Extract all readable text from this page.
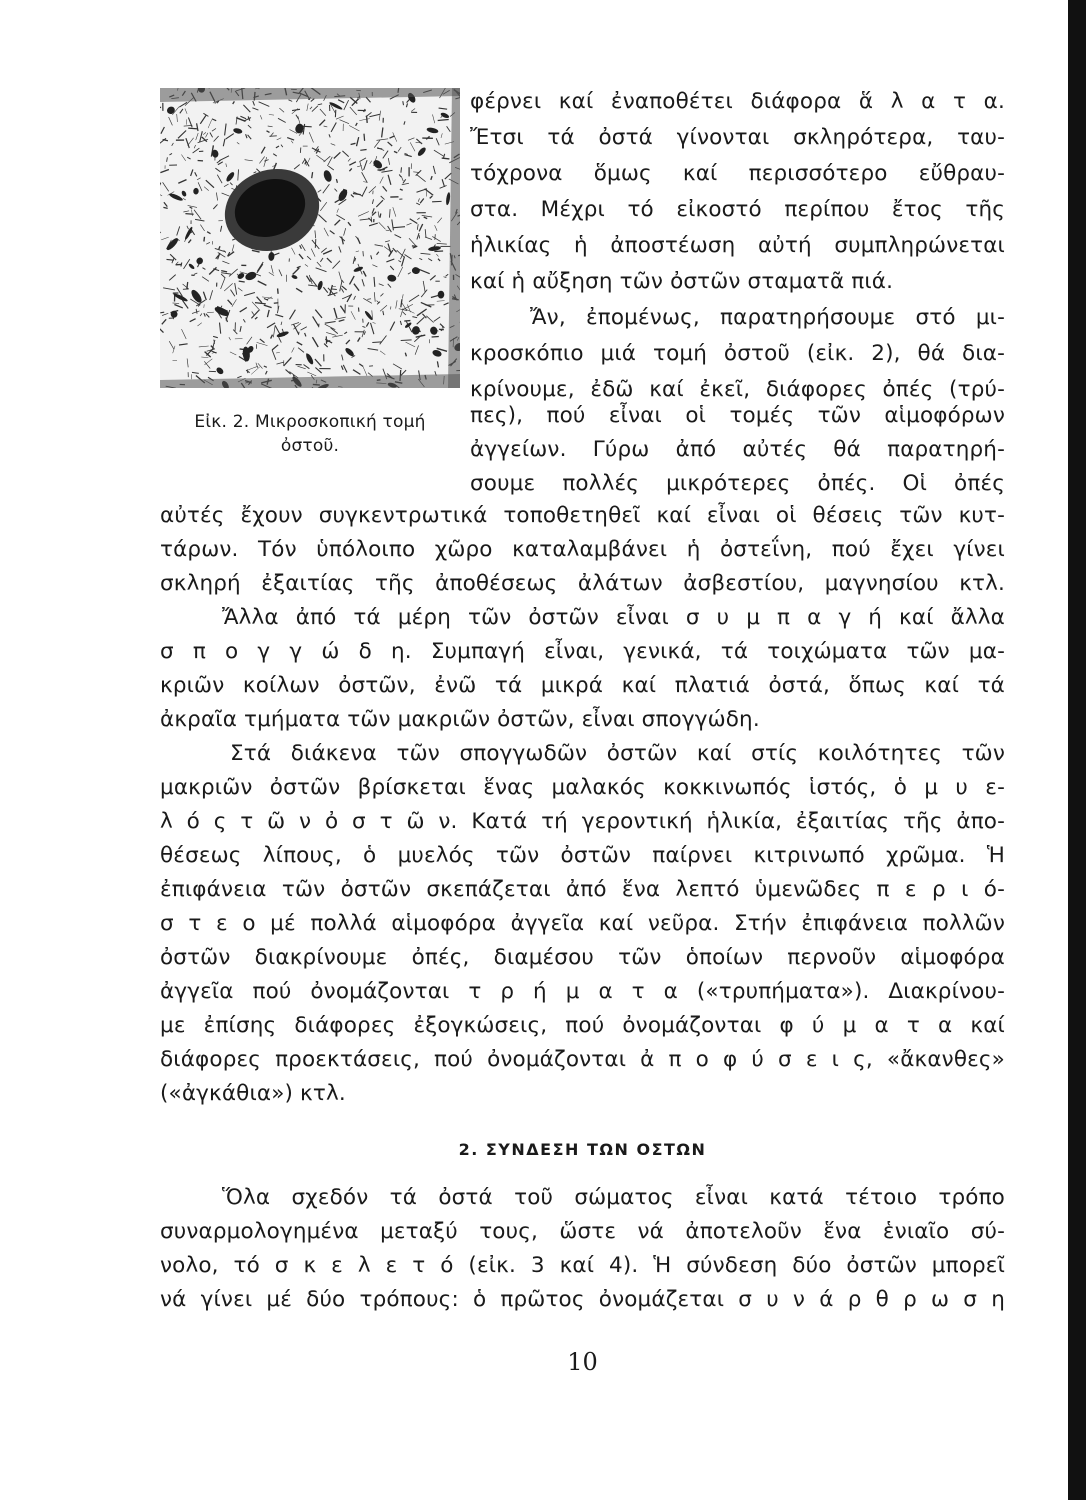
Εἰκ. 2. Μικροσκοπική τομή
ὀστοῦ.
φέρνει καί ἐναποθέτει διάφορα ἅ λ α τ α.
Ἔτσι τά ὀστά γίνονται σκληρότερα, ταυ-
τόχρονα ὅμως καί περισσότερο εὔθραυ-
στα. Μέχρι τό εἰκοστό περίπου ἔτος τῆς
ἡλικίας ἡ ἀποστέωση αὐτή συμπληρώνεται
καί ἡ αὔξηση τῶν ὀστῶν σταματᾶ πιά.
Ἄν, ἐπομένως, παρατηρήσουμε στό μι-
κροσκόπιο μιά τομή ὀστοῦ (εἰκ. 2), θά δια-
κρίνουμε, ἐδῶ καί ἐκεῖ, διάφορες ὀπές (τρύ-
πες), πού εἶναι οἱ τομές τῶν αἱμοφόρων
ἀγγείων. Γύρω ἀπό αὐτές θά παρατηρή-
σουμε πολλές μικρότερες ὀπές. Οἱ ὀπές
αὐτές ἔχουν συγκεντρωτικά τοποθετηθεῖ καί εἶναι οἱ θέσεις τῶν κυτ-
τάρων. Τόν ὑπόλοιπο χῶρο καταλαμβάνει ἡ ὀστεΐνη, πού ἔχει γίνει
σκληρή ἐξαιτίας τῆς ἀποθέσεως ἀλάτων ἀσβεστίου, μαγνησίου κτλ.
Ἄλλα ἀπό τά μέρη τῶν ὀστῶν εἶναι σ υ μ π α γ ή καί ἄλλα
σ π ο γ γ ώ δ η. Συμπαγή εἶναι, γενικά, τά τοιχώματα τῶν μα-
κριῶν κοίλων ὀστῶν, ἐνῶ τά μικρά καί πλατιά ὀστά, ὅπως καί τά
ἀκραῖα τμήματα τῶν μακριῶν ὀστῶν, εἶναι σπογγώδη.
Στά διάκενα τῶν σπογγωδῶν ὀστῶν καί στίς κοιλότητες τῶν
μακριῶν ὀστῶν βρίσκεται ἕνας μαλακός κοκκινωπός ἱστός, ὁ μ υ ε-
λ ό ς τ ῶ ν ὀ σ τ ῶ ν. Κατά τή γεροντική ἡλικία, ἐξαιτίας τῆς ἀπο-
θέσεως λίπους, ὁ μυελός τῶν ὀστῶν παίρνει κιτρινωπό χρῶμα. Ἡ
ἐπιφάνεια τῶν ὀστῶν σκεπάζεται ἀπό ἕνα λεπτό ὑμενῶδες π ε ρ ι ό-
σ τ ε ο μέ πολλά αἱμοφόρα ἀγγεῖα καί νεῦρα. Στήν ἐπιφάνεια πολλῶν
ὀστῶν διακρίνουμε ὀπές, διαμέσου τῶν ὁποίων περνοῦν αἱμοφόρα
ἀγγεῖα πού ὀνομάζονται τ ρ ή μ α τ α («τρυπήματα»). Διακρίνου-
με ἐπίσης διάφορες ἐξογκώσεις, πού ὀνομάζονται φ ύ μ α τ α καί
διάφορες προεκτάσεις, πού ὀνομάζονται ἀ π ο φ ύ σ ε ι ς, «ἄκανθες»
(«ἀγκάθια») κτλ.
2. ΣΥΝΔΕΣΗ ΤΩΝ ΟΣΤΩΝ
Ὅλα σχεδόν τά ὀστά τοῦ σώματος εἶναι κατά τέτοιο τρόπο
συναρμολογημένα μεταξύ τους, ὥστε νά ἀποτελοῦν ἕνα ἑνιαῖο σύ-
νολο, τό σ κ ε λ ε τ ό (εἰκ. 3 καί 4). Ἡ σύνδεση δύο ὀστῶν μπορεῖ
νά γίνει μέ δύο τρόπους: ὁ πρῶτος ὀνομάζεται σ υ ν ά ρ θ ρ ω σ η
10
